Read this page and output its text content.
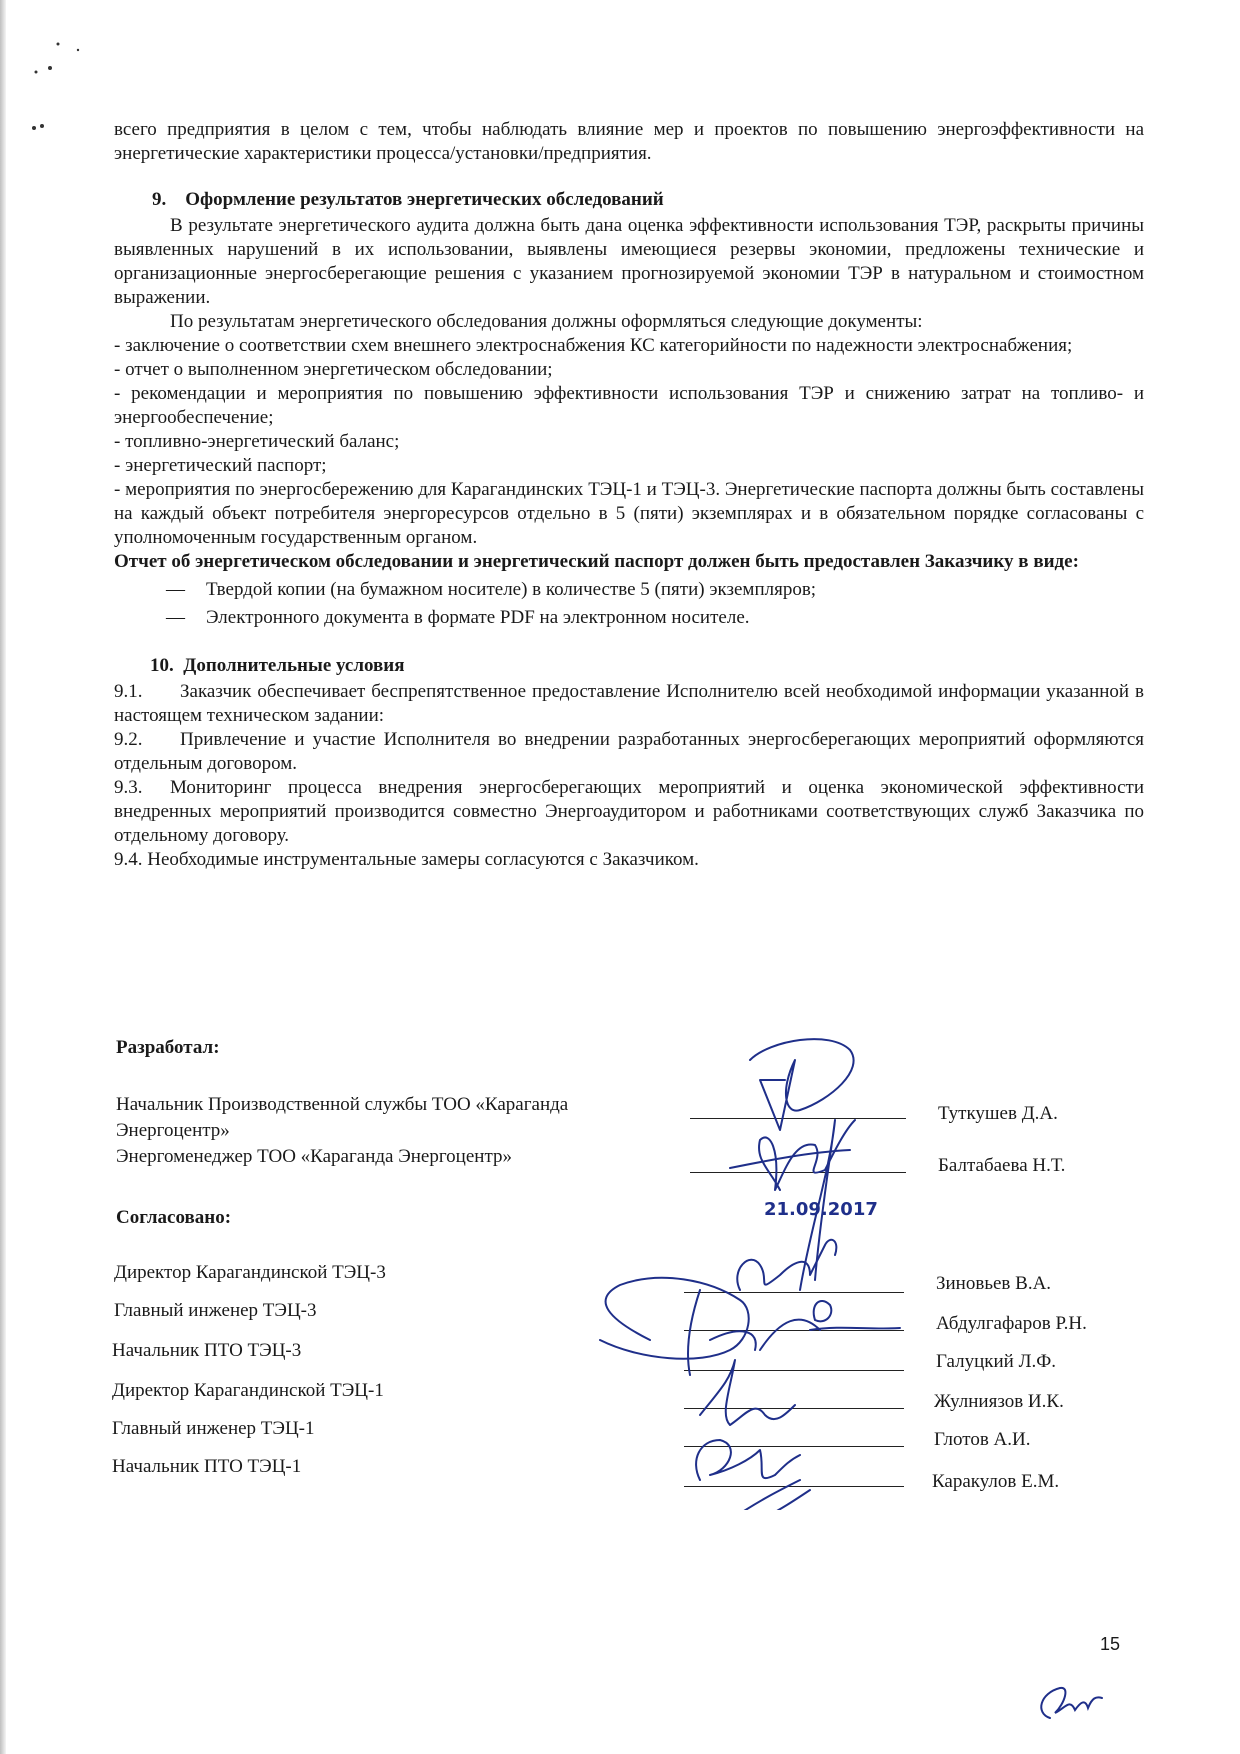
всего предприятия в целом с тем, чтобы наблюдать влияние мер и проектов по повышению энергоэффективности на энергетические характеристики процесса/установки/предприятия.

9. Оформление результатов энергетических обследований

В результате энергетического аудита должна быть дана оценка эффективности использования ТЭР, раскрыты причины выявленных нарушений в их использовании, выявлены имеющиеся резервы экономии, предложены технические и организационные энергосберегающие решения с указанием прогнозируемой экономии ТЭР в натуральном и стоимостном выражении.

По результатам энергетического обследования должны оформляться следующие документы:

- заключение о соответствии схем внешнего электроснабжения КС категорийности по надежности электроснабжения;

- отчет о выполненном энергетическом обследовании;

- рекомендации и мероприятия по повышению эффективности использования ТЭР и снижению затрат на топливо- и энергообеспечение;

- топливно-энергетический баланс;

- энергетический паспорт;

- мероприятия по энергосбережению для Карагандинских ТЭЦ-1 и ТЭЦ-3. Энергетические паспорта должны быть составлены на каждый объект потребителя энергоресурсов отдельно в 5 (пяти) экземплярах и в обязательном порядке согласованы с уполномоченным государственным органом.

Отчет об энергетическом обследовании и энергетический паспорт должен быть предоставлен Заказчику в виде:

— Твердой копии (на бумажном носителе) в количестве 5 (пяти) экземпляров;
— Электронного документа в формате PDF на электронном носителе.
10. Дополнительные условия

9.1. Заказчик обеспечивает беспрепятственное предоставление Исполнителю всей необходимой информации указанной в настоящем техническом задании:

9.2. Привлечение и участие Исполнителя во внедрении разработанных энергосберегающих мероприятий оформляются отдельным договором.

9.3. Мониторинг процесса внедрения энергосберегающих мероприятий и оценка экономической эффективности внедренных мероприятий производится совместно Энергоаудитором и работниками соответствующих служб Заказчика по отдельному договору.

9.4. Необходимые инструментальные замеры согласуются с Заказчиком.

Разработал:
Начальник Производственной службы ТОО «Караганда Энергоцентр»
Туткушев Д.А.
Энергоменеджер ТОО «Караганда Энергоцентр»	Балтабаева Н.Т.
Согласовано:
Директор Карагандинской ТЭЦ-3
Зиновьев В.А.
Главный инженер ТЭЦ-3
Абдулгафаров Р.Н.
Начальник ПТО ТЭЦ-3
Галуцкий Л.Ф.
Директор Карагандинской ТЭЦ-1
Жулниязов И.К.
Главный инженер ТЭЦ-1
Глотов А.И.
Начальник ПТО ТЭЦ-1
Каракулов Е.М.
21.09.2017
15
